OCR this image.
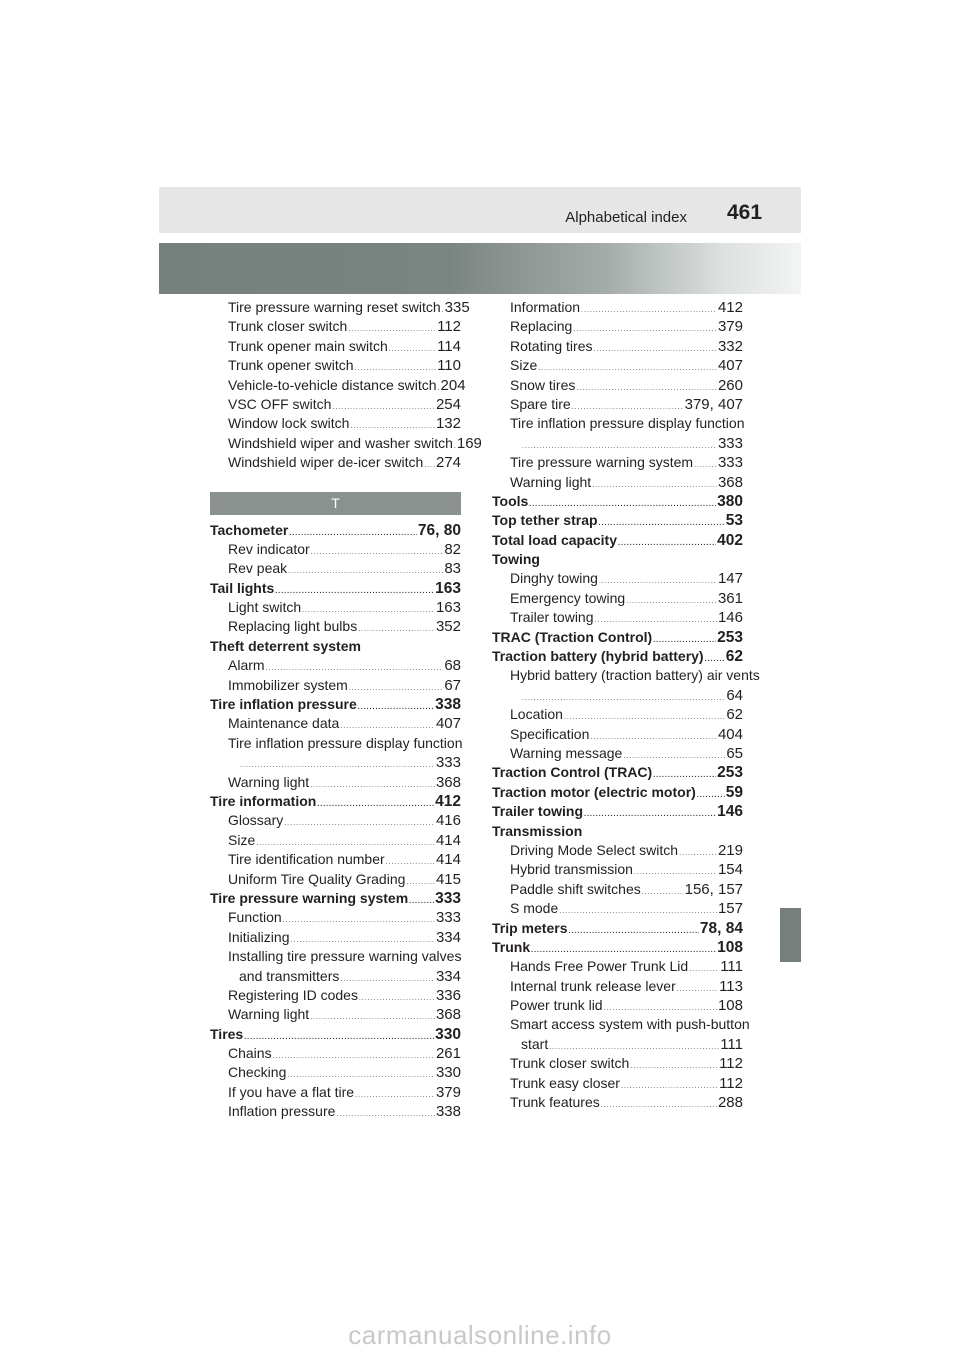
Alphabetical index 461
Tire pressure warning reset switch ..... 335
Trunk closer switch .....	112
Trunk opener main switch .....	114
Trunk opener switch .....	110
Vehicle-to-vehicle distance switch ..... 204
VSC OFF switch .....	254
Window lock switch .....	132
Windshield wiper and washer switch ..... 169
Windshield wiper de-icer switch ..... 274
T
Tachometer .....	76, 80
Rev indicator .....	82
Rev peak .....	83
Tail lights .....	163
Light switch .....	163
Replacing light bulbs .....	352
Theft deterrent system
Alarm .....	68
Immobilizer system .....	67
Tire inflation pressure .....	338
Maintenance data .....	407
Tire inflation pressure display function
.....
333
Warning light .....	368
Tire information .....	412
Glossary .....	416
Size .....	414
Tire identification number .....	414
Uniform Tire Quality Grading ..... 415
Tire pressure warning system ..... 333
Function .....	333
Initializing .....	334
Installing tire pressure warning valves
and transmitters .....	334
Registering ID codes .....	336
Warning light .....	368
Tires .....	330
Chains .....	261
Checking .....	330
If you have a flat tire .....	379
Inflation pressure .....	338
Information .....	412
Replacing .....	379
Rotating tires .....	332
Size .....	407
Snow tires .....	260
Spare tire .....	379, 407
Tire inflation pressure display function
.....
333
Tire pressure warning system ..... 333
Warning light .....	368
Tools .....	380
Top tether strap .....	53
Total load capacity .....	402
Towing
Dinghy towing .....	147
Emergency towing .....	361
Trailer towing .....	146
TRAC (Traction Control) .....	253
Traction battery (hybrid battery) ..... 62
Hybrid battery (traction battery) air vents
.....
64
Location .....	62
Specification .....	404
Warning message .....	65
Traction Control (TRAC) .....	253
Traction motor (electric motor) ..... 59
Trailer towing .....	146
Transmission
Driving Mode Select switch .....	219
Hybrid transmission .....	154
Paddle shift switches .....	156, 157
S mode .....	157
Trip meters .....	78, 84
Trunk .....	108
Hands Free Power Trunk Lid ..... 111
Internal trunk release lever .....	113
Power trunk lid .....	108
Smart access system with push-button
start .....	111
Trunk closer switch .....	112
Trunk easy closer .....	112
Trunk features .....	288
carmanualsonline.info
